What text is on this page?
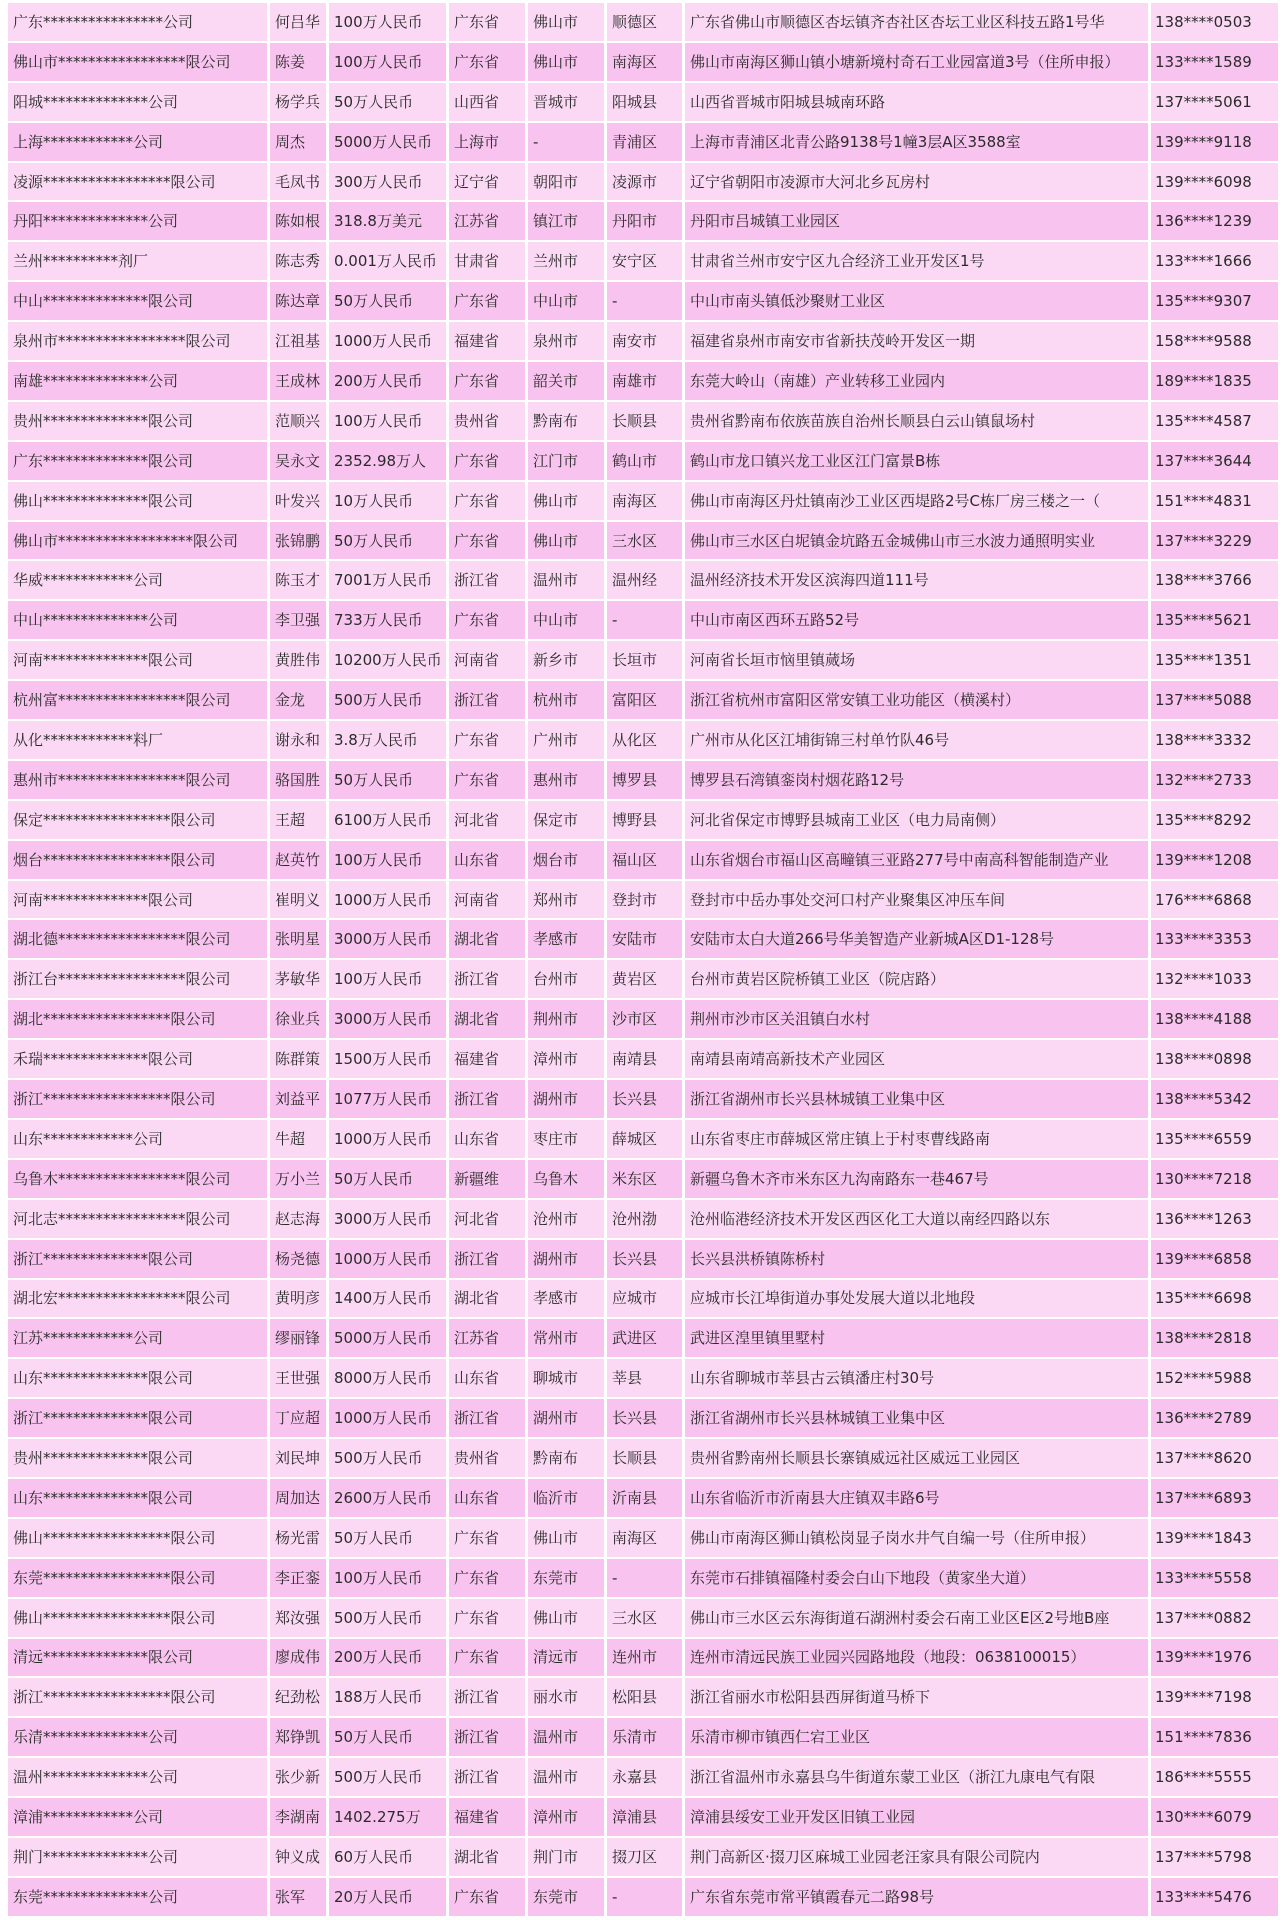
广东****************公司	何吕华	100万人民币	广东省	佛山市	顺德区	广东省佛山市顺德区杏坛镇齐杏社区杏坛工业区科技五路1号华	138****0503
佛山市*****************限公司	陈姜	100万人民币	广东省	佛山市	南海区	佛山市南海区狮山镇小塘新境村奇石工业园富道3号（住所申报）	133****1589
阳城**************公司	杨学兵	50万人民币	山西省	晋城市	阳城县	山西省晋城市阳城县城南环路	137****5061
上海************公司	周杰	5000万人民币	上海市	-	青浦区	上海市青浦区北青公路9138号1幢3层A区3588室	139****9118
凌源*****************限公司	毛凤书	300万人民币	辽宁省	朝阳市	凌源市	辽宁省朝阳市凌源市大河北乡瓦房村	139****6098
丹阳**************公司	陈如根	318.8万美元	江苏省	镇江市	丹阳市	丹阳市吕城镇工业园区	136****1239
兰州**********剂厂	陈志秀	0.001万人民币	甘肃省	兰州市	安宁区	甘肃省兰州市安宁区九合经济工业开发区1号	133****1666
中山**************限公司	陈达章	50万人民币	广东省	中山市	-	中山市南头镇低沙聚财工业区	135****9307
泉州市*****************限公司	江祖基	1000万人民币	福建省	泉州市	南安市	福建省泉州市南安市省新扶茂岭开发区一期	158****9588
南雄**************公司	王成林	200万人民币	广东省	韶关市	南雄市	东莞大岭山（南雄）产业转移工业园内	189****1835
贵州**************限公司	范顺兴	100万人民币	贵州省	黔南布	长顺县	贵州省黔南布依族苗族自治州长顺县白云山镇鼠场村	135****4587
广东**************限公司	吴永文	2352.98万人	广东省	江门市	鹤山市	鹤山市龙口镇兴龙工业区江门富景B栋	137****3644
佛山**************限公司	叶发兴	10万人民币	广东省	佛山市	南海区	佛山市南海区丹灶镇南沙工业区西堤路2号C栋厂房三楼之一（	151****4831
佛山市******************限公司	张锦鹏	50万人民币	广东省	佛山市	三水区	佛山市三水区白坭镇金坑路五金城佛山市三水波力通照明实业	137****3229
华威************公司	陈玉才	7001万人民币	浙江省	温州市	温州经	温州经济技术开发区滨海四道111号	138****3766
中山**************公司	李卫强	733万人民币	广东省	中山市	-	中山市南区西环五路52号	135****5621
河南**************限公司	黄胜伟	10200万人民币	河南省	新乡市	长垣市	河南省长垣市恼里镇蒇场	135****1351
杭州富*****************限公司	金龙	500万人民币	浙江省	杭州市	富阳区	浙江省杭州市富阳区常安镇工业功能区（横溪村）	137****5088
从化************料厂	谢永和	3.8万人民币	广东省	广州市	从化区	广州市从化区江埔街锦三村单竹队46号	138****3332
惠州市*****************限公司	骆国胜	50万人民币	广东省	惠州市	博罗县	博罗县石湾镇銮岗村烟花路12号	132****2733
保定*****************限公司	王超	6100万人民币	河北省	保定市	博野县	河北省保定市博野县城南工业区（电力局南侧）	135****8292
烟台*****************限公司	赵英竹	100万人民币	山东省	烟台市	福山区	山东省烟台市福山区高疃镇三亚路277号中南高科智能制造产业	139****1208
河南**************限公司	崔明义	1000万人民币	河南省	郑州市	登封市	登封市中岳办事处交河口村产业聚集区冲压车间	176****6868
湖北德*****************限公司	张明星	3000万人民币	湖北省	孝感市	安陆市	安陆市太白大道266号华美智造产业新城A区D1-128号	133****3353
浙江台*****************限公司	茅敏华	100万人民币	浙江省	台州市	黄岩区	台州市黄岩区院桥镇工业区（院店路）	132****1033
湖北*****************限公司	徐业兵	3000万人民币	湖北省	荆州市	沙市区	荆州市沙市区关沮镇白水村	138****4188
禾瑞**************限公司	陈群策	1500万人民币	福建省	漳州市	南靖县	南靖县南靖高新技术产业园区	138****0898
浙江*****************限公司	刘益平	1077万人民币	浙江省	湖州市	长兴县	浙江省湖州市长兴县林城镇工业集中区	138****5342
山东************公司	牛超	1000万人民币	山东省	枣庄市	薛城区	山东省枣庄市薛城区常庄镇上于村枣曹线路南	135****6559
乌鲁木*****************限公司	万小兰	50万人民币	新疆维	乌鲁木	米东区	新疆乌鲁木齐市米东区九沟南路东一巷467号	130****7218
河北志*****************限公司	赵志海	3000万人民币	河北省	沧州市	沧州渤	沧州临港经济技术开发区西区化工大道以南经四路以东	136****1263
浙江**************限公司	杨尧德	1000万人民币	浙江省	湖州市	长兴县	长兴县洪桥镇陈桥村	139****6858
湖北宏*****************限公司	黄明彦	1400万人民币	湖北省	孝感市	应城市	应城市长江埠街道办事处发展大道以北地段	135****6698
江苏************公司	缪丽锋	5000万人民币	江苏省	常州市	武进区	武进区湟里镇里墅村	138****2818
山东**************限公司	王世强	8000万人民币	山东省	聊城市	莘县	山东省聊城市莘县古云镇潘庄村30号	152****5988
浙江**************限公司	丁应超	1000万人民币	浙江省	湖州市	长兴县	浙江省湖州市长兴县林城镇工业集中区	136****2789
贵州**************限公司	刘民坤	500万人民币	贵州省	黔南布	长顺县	贵州省黔南州长顺县长寨镇威远社区威远工业园区	137****8620
山东**************限公司	周加达	2600万人民币	山东省	临沂市	沂南县	山东省临沂市沂南县大庄镇双丰路6号	137****6893
佛山*****************限公司	杨光雷	50万人民币	广东省	佛山市	南海区	佛山市南海区狮山镇松岗显子岗水井气自编一号（住所申报）	139****1843
东莞*****************限公司	李正銮	100万人民币	广东省	东莞市	-	东莞市石排镇福隆村委会白山下地段（黄家坐大道）	133****5558
佛山*****************限公司	郑汝强	500万人民币	广东省	佛山市	三水区	佛山市三水区云东海街道石湖洲村委会石南工业区E区2号地B座	137****0882
清远**************限公司	廖成伟	200万人民币	广东省	清远市	连州市	连州市清远民族工业园兴园路地段（地段：0638100015）	139****1976
浙江*****************限公司	纪劲松	188万人民币	浙江省	丽水市	松阳县	浙江省丽水市松阳县西屏街道马桥下	139****7198
乐清**************公司	郑铮凯	50万人民币	浙江省	温州市	乐清市	乐清市柳市镇西仁宕工业区	151****7836
温州**************公司	张少新	500万人民币	浙江省	温州市	永嘉县	浙江省温州市永嘉县乌牛街道东蒙工业区（浙江九康电气有限	186****5555
漳浦************公司	李湖南	1402.275万	福建省	漳州市	漳浦县	漳浦县绥安工业开发区旧镇工业园	130****6079
荆门**************公司	钟义成	60万人民币	湖北省	荆门市	掇刀区	荆门高新区·掇刀区麻城工业园老汪家具有限公司院内	137****5798
东莞**************公司	张军	20万人民币	广东省	东莞市	-	广东省东莞市常平镇霞春元二路98号	133****5476
